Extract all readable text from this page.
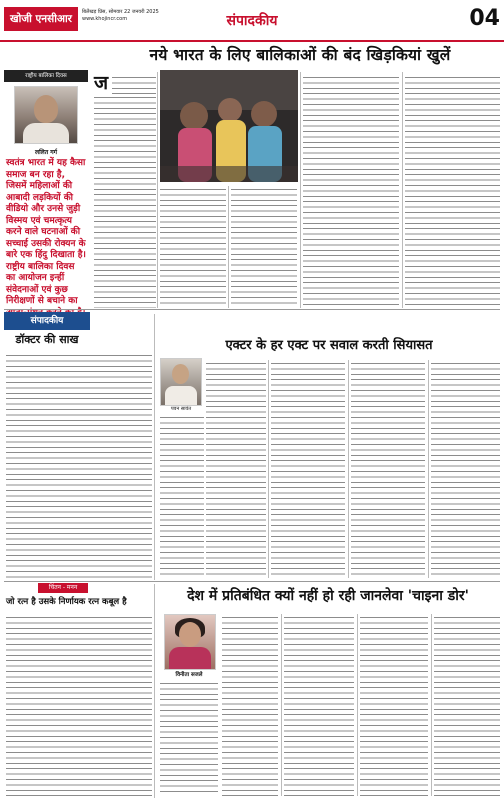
खोजी एनसीआर
बिलैखड़ प्रिंस, सोमवार 22 जनवरी 2025
www.khojincr.com	संपादकीय	04
नये भारत के लिए बालिकाओं की बंद खिड़कियां खुलें
राष्ट्रीय बालिका दिवस
ललित गर्ग
स्वतंत्र भारत में यह कैसा समाज बन रहा है, जिसमें महिलाओं की आबादी लड़कियों की वीडियो और उनसे जुड़ी विस्मय एवं चमत्कृत्य करने वाले घटनाओं की सच्चाई उसकी रोक्यन के बारे एक हिंदु दिखाता है। राष्ट्रीय बालिका दिवस का आयोजन इन्हीं संवेदनाओं एवं कुछ निरीक्षणों से बचाने का
ज
संपादकीय
डॉक्टर की साख	एक्टर के हर एक्ट पर सवाल करती सियासत
पवन सावंत
चिंतन - मनन
जो रत्न है उसके निर्णायक रत्न कबूल है	देश में प्रतिबंधित क्यों नहीं हो रही जानलेवा 'चाइना डोर'
विनीता सजले
